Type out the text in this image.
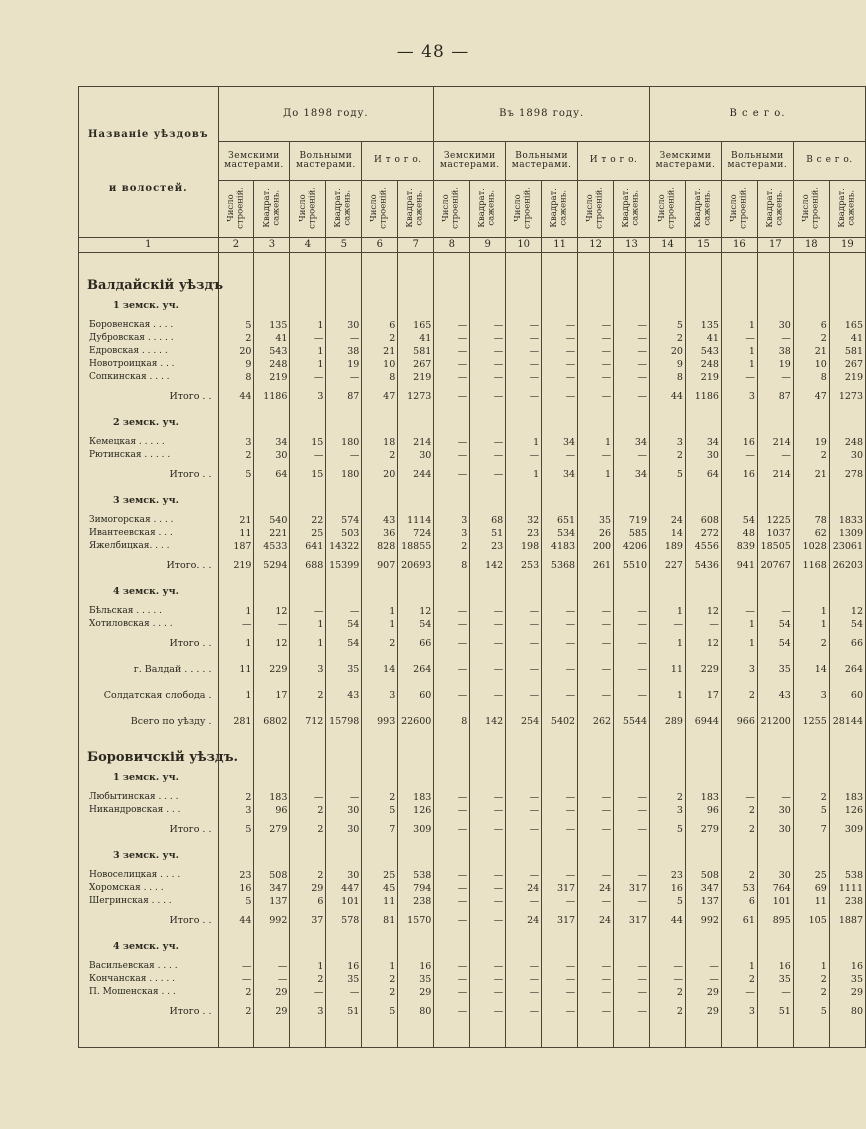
— 48 —
Названіе уѣздовъ
и волостей.	До 1898 году.						Въ 1898 году.						В с е г о.					
	Земскими мастерами.		Вольными мастерами.		И т о г о.		Земскими мастерами.		Вольными мастерами.		И т о г о.		Земскими мастерами.		Вольными мастерами.		В с е г о.	
	Число
строеній.	Квадрат.
сажень.	Число
строеній.	Квадрат.
сажень.	Число
строеній.	Квадрат.
сажень.	Число
строеній.	Квадрат.
сажень.	Число
строеній.	Квадрат.
сажень.	Число
строеній.	Квадрат.
сажень.	Число
строеній.	Квадрат.
сажень.	Число
строеній.	Квадрат.
сажень.	Число
строеній.	Квадрат.
сажень.
1	2	3	4	5	6	7	8	9	10	11	12	13	14	15	16	17	18	19

Валдайскій уѣздъ																		
1 земск. уч.																		
Боровенская . . . .	5	135	1	30	6	165	—	—	—	—	—	—	5	135	1	30	6	165
Дубровская . . . . .	2	41	—	—	2	41	—	—	—	—	—	—	2	41	—	—	2	41
Едровская . . . . .	20	543	1	38	21	581	—	—	—	—	—	—	20	543	1	38	21	581
Новотроицкая . . .	9	248	1	19	10	267	—	—	—	—	—	—	9	248	1	19	10	267
Сопкинская . . . .	8	219	—	—	8	219	—	—	—	—	—	—	8	219	—	—	8	219
Итого . .	44	1186	3	87	47	1273	—	—	—	—	—	—	44	1186	3	87	47	1273
2 земск. уч.																		
Кемецкая . . . . .	3	34	15	180	18	214	—	—	1	34	1	34	3	34	16	214	19	248
Рютинская . . . . .	2	30	—	—	2	30	—	—	—	—	—	—	2	30	—	—	2	30
Итого . .	5	64	15	180	20	244	—	—	1	34	1	34	5	64	16	214	21	278
3 земск. уч.																		
Зимогорская . . . .	21	540	22	574	43	1114	3	68	32	651	35	719	24	608	54	1225	78	1833
Ивантеевская . . .	11	221	25	503	36	724	3	51	23	534	26	585	14	272	48	1037	62	1309
Яжелбицкая. . . .	187	4533	641	14322	828	18855	2	23	198	4183	200	4206	189	4556	839	18505	1028	23061
Итого. . .	219	5294	688	15399	907	20693	8	142	253	5368	261	5510	227	5436	941	20767	1168	26203
4 земск. уч.																		
Бѣльская . . . . .	1	12	—	—	1	12	—	—	—	—	—	—	1	12	—	—	1	12
Хотиловская . . . .	—	—	1	54	1	54	—	—	—	—	—	—	—	—	1	54	1	54
Итого . .	1	12	1	54	2	66	—	—	—	—	—	—	1	12	1	54	2	66
г. Валдай . . . . .	11	229	3	35	14	264	—	—	—	—	—	—	11	229	3	35	14	264
Солдатская слобода .	1	17	2	43	3	60	—	—	—	—	—	—	1	17	2	43	3	60
Всего по уѣзду .	281	6802	712	15798	993	22600	8	142	254	5402	262	5544	289	6944	966	21200	1255	28144
Боровичскій уѣздъ.																		
1 земск. уч.																		
Любытинская . . . .	2	183	—	—	2	183	—	—	—	—	—	—	2	183	—	—	2	183
Никандровская . . .	3	96	2	30	5	126	—	—	—	—	—	—	3	96	2	30	5	126
Итого . .	5	279	2	30	7	309	—	—	—	—	—	—	5	279	2	30	7	309
3 земск. уч.																		
Новоселицкая . . . .	23	508	2	30	25	538	—	—	—	—	—	—	23	508	2	30	25	538
Хоромская . . . .	16	347	29	447	45	794	—	—	24	317	24	317	16	347	53	764	69	1111
Шегринская . . . .	5	137	6	101	11	238	—	—	—	—	—	—	5	137	6	101	11	238
Итого . .	44	992	37	578	81	1570	—	—	24	317	24	317	44	992	61	895	105	1887
4 земск. уч.																		
Васильевская . . . .	—	—	1	16	1	16	—	—	—	—	—	—	—	—	1	16	1	16
Кончанская . . . . .	—	—	2	35	2	35	—	—	—	—	—	—	—	—	2	35	2	35
П. Мошенская . . .	2	29	—	—	2	29	—	—	—	—	—	—	2	29	—	—	2	29
Итого . .	2	29	3	51	5	80	—	—	—	—	—	—	2	29	3	51	5	80
